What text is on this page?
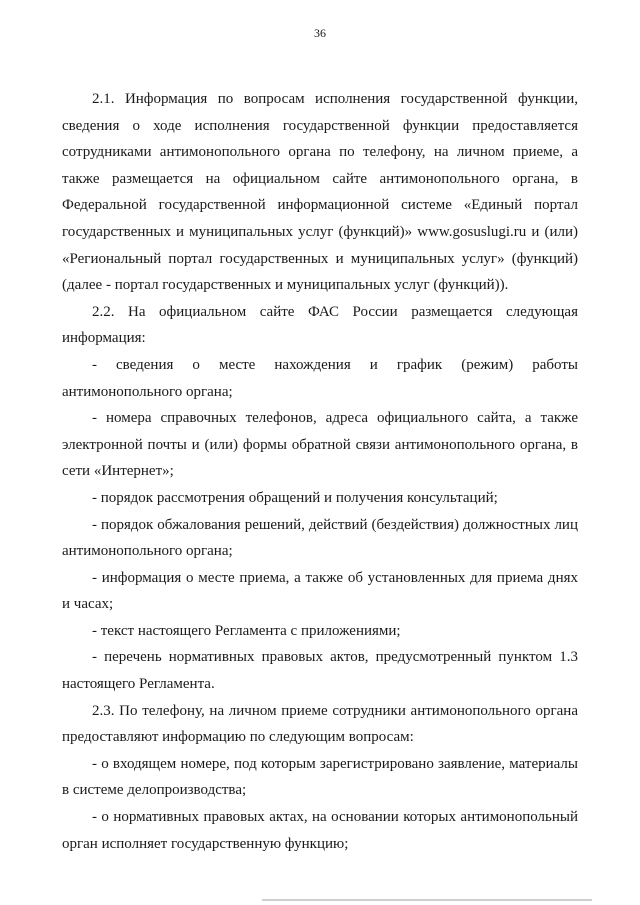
36

2.1. Информация по вопросам исполнения государственной функции, сведения о ходе исполнения государственной функции предоставляется сотрудниками антимонопольного органа по телефону, на личном приеме, а также размещается на официальном сайте антимонопольного органа, в Федеральной государственной информационной системе «Единый портал государственных и муниципальных услуг (функций)» www.gosuslugi.ru и (или) «Региональный портал государственных и муниципальных услуг» (функций) (далее - портал государственных и муниципальных услуг (функций)).

2.2. На официальном сайте ФАС России размещается следующая информация:

- сведения о месте нахождения и график (режим) работы антимонопольного органа;

- номера справочных телефонов, адреса официального сайта, а также электронной почты и (или) формы обратной связи антимонопольного органа, в сети «Интернет»;

- порядок рассмотрения обращений и получения консультаций;

- порядок обжалования решений, действий (бездействия) должностных лиц антимонопольного органа;

- информация о месте приема, а также об установленных для приема днях и часах;

- текст настоящего Регламента с приложениями;

- перечень нормативных правовых актов, предусмотренный пунктом 1.3 настоящего Регламента.

2.3. По телефону, на личном приеме сотрудники антимонопольного органа предоставляют информацию по следующим вопросам:

- о входящем номере, под которым зарегистрировано заявление, материалы в системе делопроизводства;

- о нормативных правовых актах, на основании которых антимонопольный орган исполняет государственную функцию;
